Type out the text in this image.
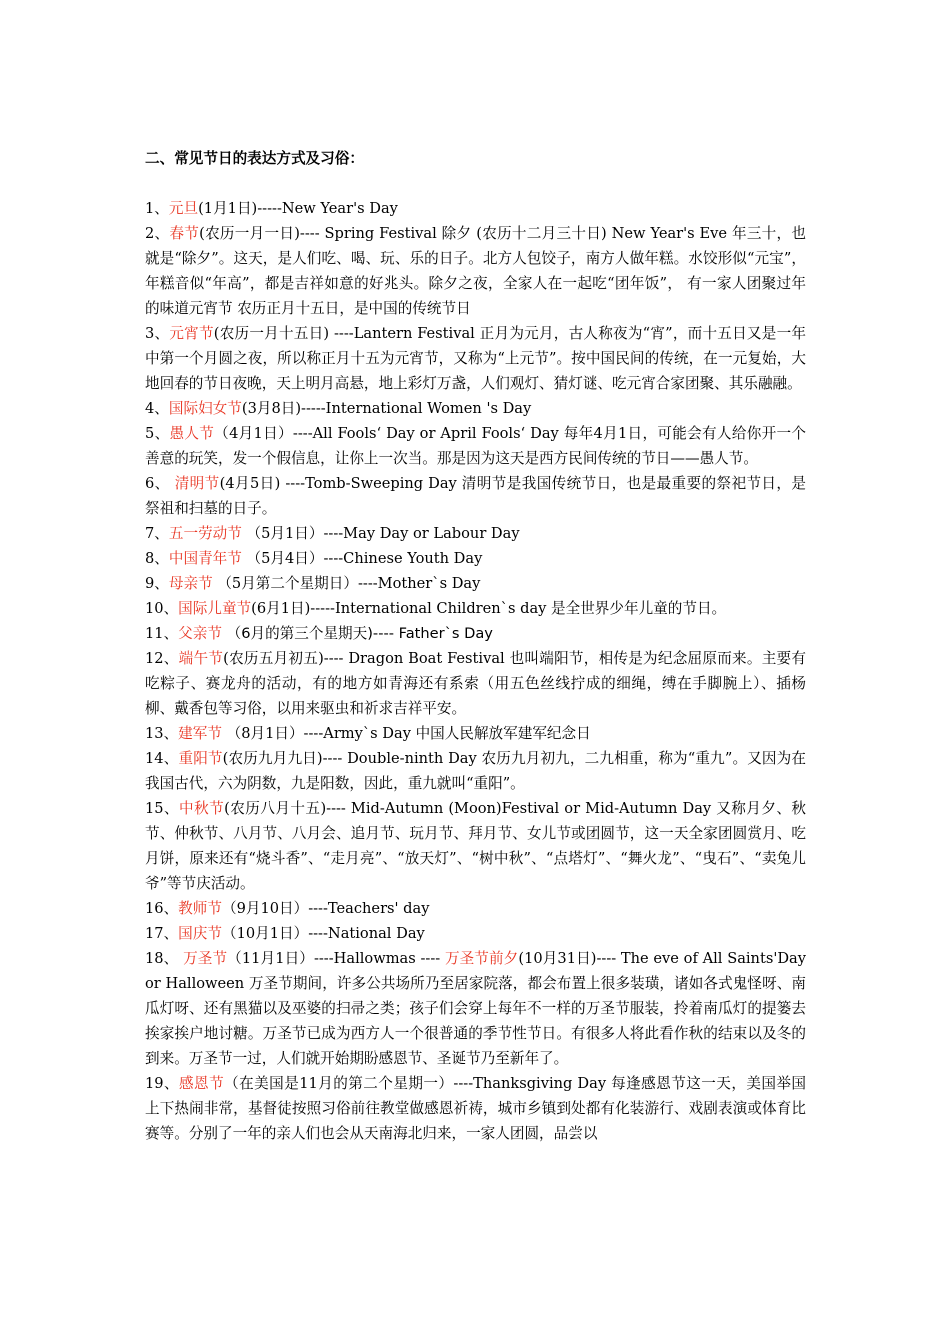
二、常见节日的表达方式及习俗：

1、元旦(1月1日)-----New Year's Day

2、春节(农历一月一日)---- Spring Festival 除夕 (农历十二月三十日) New Year's Eve 年三十，也就是“除夕”。这天，是人们吃、喝、玩、乐的日子。北方人包饺子，南方人做年糕。水饺形似“元宝”，年糕音似“年高”，都是吉祥如意的好兆头。除夕之夜，全家人在一起吃“团年饭”， 有一家人团聚过年的味道元宵节 农历正月十五日，是中国的传统节日

3、元宵节(农历一月十五日) ----Lantern Festival 正月为元月，古人称夜为“宵”，而十五日又是一年中第一个月圆之夜，所以称正月十五为元宵节，又称为“上元节”。按中国民间的传统，在一元复始，大地回春的节日夜晚，天上明月高悬，地上彩灯万盏，人们观灯、猜灯谜、吃元宵合家团聚、其乐融融。

4、国际妇女节(3月8日)-----International Women 's Day

5、愚人节（4月1日）----All Fools‘ Day or April Fools‘ Day 每年4月1日，可能会有人给你开一个善意的玩笑，发一个假信息，让你上一次当。那是因为这天是西方民间传统的节日——愚人节。

6、 清明节(4月5日) ----Tomb-Sweeping Day 清明节是我国传统节日，也是最重要的祭祀节日，是祭祖和扫墓的日子。

7、五一劳动节 （5月1日）----May Day or Labour Day

8、中国青年节 （5月4日）----Chinese Youth Day

9、母亲节 （5月第二个星期日）----Mother`s Day

10、国际儿童节(6月1日)-----International Children`s day 是全世界少年儿童的节日。

11、父亲节 （6月的第三个星期天)---- Father`s Day

12、端午节(农历五月初五)---- Dragon Boat Festival 也叫端阳节，相传是为纪念屈原而来。主要有吃粽子、赛龙舟的活动，有的地方如青海还有系索（用五色丝线拧成的细绳，缚在手脚腕上）、插杨柳、戴香包等习俗，以用来驱虫和祈求吉祥平安。

13、建军节 （8月1日）----Army`s Day 中国人民解放军建军纪念日

14、重阳节(农历九月九日)---- Double-ninth Day 农历九月初九，二九相重，称为“重九”。又因为在我国古代，六为阴数，九是阳数，因此，重九就叫“重阳”。

15、中秋节(农历八月十五)---- Mid-Autumn (Moon)Festival or Mid-Autumn Day 又称月夕、秋节、仲秋节、八月节、八月会、追月节、玩月节、拜月节、女儿节或团圆节，这一天全家团圆赏月、吃月饼，原来还有“烧斗香”、“走月亮”、“放天灯”、“树中秋”、“点塔灯”、“舞火龙”、“曳石”、“卖兔儿爷”等节庆活动。

16、教师节（9月10日）----Teachers' day

17、国庆节（10月1日）----National Day

18、 万圣节（11月1日）----Hallowmas ---- 万圣节前夕(10月31日)---- The eve of All Saints'Day or Halloween 万圣节期间，许多公共场所乃至居家院落，都会布置上很多装璜，诸如各式鬼怪呀、南瓜灯呀、还有黑猫以及巫婆的扫帚之类；孩子们会穿上每年不一样的万圣节服装，拎着南瓜灯的提篓去挨家挨户地讨糖。万圣节已成为西方人一个很普通的季节性节日。有很多人将此看作秋的结束以及冬的到来。万圣节一过，人们就开始期盼感恩节、圣诞节乃至新年了。

19、感恩节（在美国是11月的第二个星期一）----Thanksgiving Day 每逢感恩节这一天，美国举国上下热闹非常，基督徒按照习俗前往教堂做感恩祈祷，城市乡镇到处都有化装游行、戏剧表演或体育比赛等。分别了一年的亲人们也会从天南海北归来，一家人团圆，品尝以
